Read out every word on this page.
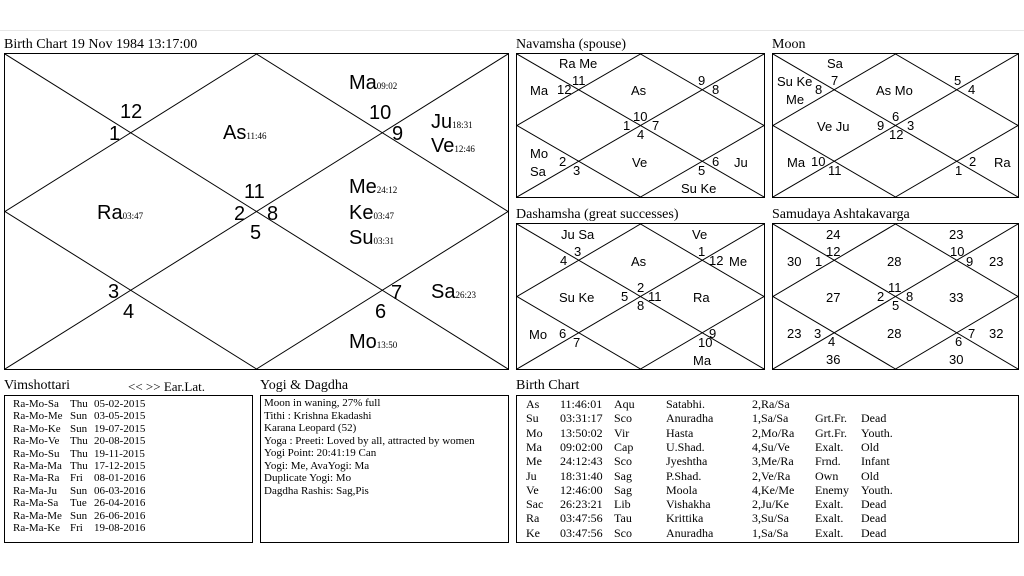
Birth Chart 19 Nov 1984 13:17:00
12
1
10
9
11
2 8
5
3
4
7
6
Ma09:02
As11:46
Ju18:31
Ve12:46
Ra03:47
Me24:12
Ke03:47
Su03:31
Sa26:23
Mo13:50
Navamsha (spouse)
11
12
9
8
10
1
4
7
2
3	5
6
Ra Me
Ma	As
Mo
Sa
Ve	Ju
Su Ke
Moon
7
8
5
4
6
9
12
3
10
11
2
1
Sa
Su Ke
Me
As Mo
Ve Ju
Ma	Ra
Dashamsha (great successes)
3
4
1
12
2
5
8
11
6
7	10
9
Ju Sa	Ve
Me
As
Su Ke	Ra
Mo
Ma
Samudaya Ashtakavarga
12
1
10
9
11
2 8
5
3
4
7
6
24	23
30	28	23
27	33
23	28	32
36	30
Vimshottari	<< >> Ear.Lat.
Ra-Mo-Sa Thu 05-02-2015
Ra-Mo-Me Sun 03-05-2015
Ra-Mo-Ke Sun 19-07-2015
Ra-Mo-Ve Thu 20-08-2015
Ra-Mo-Su Thu 19-11-2015
Ra-Ma-Ma Thu 17-12-2015
Ra-Ma-Ra Fri 08-01-2016
Ra-Ma-Ju Sun 06-03-2016
Ra-Ma-Sa Tue 26-04-2016
Ra-Ma-Me Sun 26-06-2016
Ra-Ma-Ke Fri 19-08-2016
Yogi & Dagdha
Moon in waning, 27% full
Tithi : Krishna Ekadashi
Karana Leopard (52)
Yoga : Preeti: Loved by all, attracted by women
Yogi Point: 20:41:19 Can
Yogi: Me, AvaYogi: Ma
Duplicate Yogi: Mo
Dagdha Rashis: Sag,Pis
Birth Chart
As 11:46:01 Aqu	Satabhi.	2,Ra/Sa
Su 03:31:17 Sco	Anuradha	1,Sa/Sa Grt.Fr. Dead
Mo 13:50:02 Vir	Hasta	2,Mo/Ra Grt.Fr. Youth.
Ma 09:02:00 Cap	U.Shad.	4,Su/Ve Exalt. Old
Me 24:12:43 Sco	Jyeshtha	3,Me/Ra Frnd. Infant
Ju 18:31:40 Sag	P.Shad.	2,Ve/Ra Own Old
Ve 12:46:00 Sag	Moola	4,Ke/Me Enemy Youth.
Sac 26:23:21 Lib	Vishakha	2,Ju/Ke Exalt. Dead
Ra 03:47:56 Tau	Krittika	3,Su/Sa Exalt. Dead
Ke 03:47:56 Sco	Anuradha	1,Sa/Sa Exalt. Dead
